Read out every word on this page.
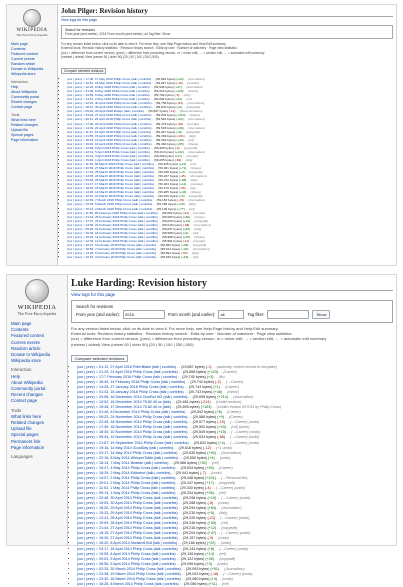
WIKIPEDIA
The Free Encyclopedia
Main page
Contents
Featured content
Current events
Random article
Donate to Wikipedia
Wikipedia store
Interaction
Help
About Wikipedia
Community portal
Recent changes
Contact page
Tools
What links here
Related changes
Upload file
Special pages
Page information
John Pilger: Revision history
View logs for this page
Search for revisions
From year (and earlier): 2018 From month (and earlier): all Tag filter: Show
For any version listed below, click on its date to view it. For more help, see Help:Page history and Help:Edit summary.
External tools: Revision history statistics · Revision history search · Edits by user · Number of watchers · Page view statistics
(cur) = difference from current version, (prev) = difference from preceding version, m = minor edit, → = section edit, ← = automatic edit summary
(newest | oldest) View (newer 50 | older 50) (20 | 50 | 100 | 250 | 500)
Compare selected revisions
• (cur | prev) ○ 17:38, 17 May 2018 Philip Cross (talk | contribs) . . (59,949 bytes) (+22) . . (Journalism)
• (cur | prev) ○ 16:51, 16 May 2018 Philip Cross (talk | contribs) . . (59,927 bytes) (-19) . . (reorder)
• (cur | prev) ○ 12:23, 8 May 2018 Philip Cross (talk | contribs) . . (59,946 bytes) (+27) . . (Journalism)
• (cur | prev) ○ 21:39, 6 May 2018 Philip Cross (talk | contribs) . . (59,919 bytes) (+120) . . (Views)
• (cur | prev) ○ 19:52, 6 May 2018 Philip Cross (talk | contribs) . . (59,799 bytes) (-3) . . (tidy)
• (cur | prev) ○ 13:41, 2 May 2018 Philip Cross (talk | contribs) . . (59,802 bytes) (+44) . . (ref)
• (cur | prev) ○ 22:16, 30 April 2018 Philip Cross (talk | contribs) . . (59,758 bytes) (-84) . . (Journalism)
• (cur | prev) ○ 18:07, 30 April 2018 Philip Cross (talk | contribs) . . (59,842 bytes) (+5) . . (copyedit)
• (cur | prev) ○ 09:46, 29 April 2018 Bodge (talk | contribs) . . (59,837 bytes) (-12) . . (Documentaries)
• (cur | prev) ○ 23:04, 27 April 2018 Philip Cross (talk | contribs) . . (59,849 bytes) (+310) . . (Views)
• (cur | prev) ○ 20:11, 25 April 2018 Philip Cross (talk | contribs) . . (59,539 bytes) (+64) . . (Journalism)
• (cur | prev) ○ 17:30, 22 April 2018 Philip Cross (talk | contribs) . . (59,475 bytes) (-28) . . (reorder)
• (cur | prev) ○ 14:02, 20 April 2018 Philip Cross (talk | contribs) . . (59,503 bytes) (+96) . . (Journalism)
• (cur | prev) ○ 11:27, 18 April 2018 Philip Cross (talk | contribs) . . (59,407 bytes) (+8) . . (copyedit)
• (cur | prev) ○ 21:55, 15 April 2018 Philip Cross (talk | contribs) . . (59,399 bytes) (-101) . . (tidy)
• (cur | prev) ○ 18:43, 13 April 2018 Philip Cross (talk | contribs) . . (59,500 bytes) (+40) . . (ref)
• (cur | prev) ○ 16:20, 10 April 2018 Philip Cross (talk | contribs) . . (59,460 bytes) (+55) . . (Views)
• (cur | prev) ○ 12:08, 8 April 2018 Philip Cross (talk | contribs) . . (59,405 bytes) (-9) . . (copyedit)
• (cur | prev) ○ 22:31, 5 April 2018 Philip Cross (talk | contribs) . . (59,414 bytes) (+132) . . (Journalism)
• (cur | prev) ○ 19:14, 3 April 2018 Philip Cross (talk | contribs) . . (59,282 bytes) (+17) . . (reorder)
• (cur | prev) ○ 15:46, 1 April 2018 Philip Cross (talk | contribs) . . (59,265 bytes) (-60) . . (tidy)
• (cur | prev) ○ 11:33, 30 March 2018 Philip Cross (talk | contribs) . . (59,325 bytes) (+24) . . (ref)
• (cur | prev) ○ 20:59, 27 March 2018 Philip Cross (talk | contribs) . . (59,301 bytes) (+71) . . (Views)
• (cur | prev) ○ 17:22, 25 March 2018 Philip Cross (talk | contribs) . . (59,230 bytes) (+3) . . (copyedit)
• (cur | prev) ○ 13:05, 22 March 2018 Philip Cross (talk | contribs) . . (59,227 bytes) (-45) . . (Journalism)
• (cur | prev) ○ 09:48, 20 March 2018 Philip Cross (talk | contribs) . . (59,272 bytes) (+88) . . (tidy)
• (cur | prev) ○ 21:17, 17 March 2018 Philip Cross (talk | contribs) . . (59,184 bytes) (+12) . . (reorder)
• (cur | prev) ○ 18:40, 15 March 2018 Philip Cross (talk | contribs) . . (59,172 bytes) (-33) . . (ref)
• (cur | prev) ○ 14:26, 12 March 2018 Philip Cross (talk | contribs) . . (59,205 bytes) (+46) . . (Views)
• (cur | prev) ○ 10:51, 10 March 2018 Philip Cross (talk | contribs) . . (59,159 bytes) (+6) . . (copyedit)
• (cur | prev) ○ 22:09, 7 March 2018 Philip Cross (talk | contribs) . . (59,153 bytes) (-15) . . (Journalism)
• (cur | prev) ○ 19:33, 5 March 2018 Philip Cross (talk | contribs) . . (59,168 bytes) (+29) . . (tidy)
• (cur | prev) ○ 15:12, 2 March 2018 Philip Cross (talk | contribs) . . (59,139 bytes) (+77) . . (ref)
• (cur | prev) ○ 11:58, 28 February 2018 Philip Cross (talk | contribs) . . (59,062 bytes) (-21) . . (reorder)
• (cur | prev) ○ 21:44, 25 February 2018 Philip Cross (talk | contribs) . . (59,083 bytes) (+50) . . (Views)
• (cur | prev) ○ 17:07, 23 February 2018 Philip Cross (talk | contribs) . . (59,033 bytes) (+14) . . (copyedit)
• (cur | prev) ○ 13:36, 21 February 2018 Philip Cross (talk | contribs) . . (59,019 bytes) (-38) . . (Journalism)
• (cur | prev) ○ 09:20, 19 February 2018 Philip Cross (talk | contribs) . . (59,057 bytes) (+62) . . (tidy)
• (cur | prev) ○ 20:48, 16 February 2018 Philip Cross (talk | contribs) . . (58,995 bytes) (+9) . . (ref)
• (cur | prev) ○ 16:15, 14 February 2018 Philip Cross (talk | contribs) . . (58,986 bytes) (+35) . . (Views)
• (cur | prev) ○ 12:03, 12 February 2018 Philip Cross (talk | contribs) . . (58,951 bytes) (-11) . . (reorder)
• (cur | prev) ○ 22:37, 9 February 2018 Philip Cross (talk | contribs) . . (58,962 bytes) (+48) . . (copyedit)
• (cur | prev) ○ 18:59, 7 February 2018 Philip Cross (talk | contribs) . . (58,914 bytes) (+20) . . (Journalism)
• (cur | prev) ○ 14:28, 5 February 2018 Philip Cross (talk | contribs) . . (58,894 bytes) (-52) . . (tidy)
• (cur | prev) ○ 10:16, 3 February 2018 Philip Cross (talk | contribs) . . (58,946 bytes) (+18) . . (ref)
WIKIPEDIA
The Free Encyclopedia
Main page
Contents
Featured content
Current events
Random article
Donate to Wikipedia
Wikipedia store
Interaction
Help
About Wikipedia
Community portal
Recent changes
Contact page
Tools
What links here
Related changes
Upload file
Special pages
Permanent link
Page information
Languages
Luke Harding: Revision history
View logs for this page
Search for revisions
From year (and earlier):	2018	From month (and earlier):	all	Tag filter:	Show
For any version listed below, click on its date to view it. For more help, see Help:Page history and Help:Edit summary.
External tools: Revision history statistics · Revision history search · Edits by user · Number of watchers · Page view statistics
(cur) = difference from current version, (prev) = difference from preceding version, m = minor edit, → = section edit, ← = automatic edit summary
(newest | oldest) View (newer 50 | older 50) (20 | 50 | 100 | 250 | 500)
Compare selected revisions
• (cur | prev) ○ 01:12, 27 April 2018 PeterBlake (talk | contribs) . . (29,867 bytes) (-1) . . (authority control moved to template)
• (cur | prev) ○ 21:29, 21 April 2018 Philip Cross (talk | contribs) . . (29,868 bytes) (+123) . . (Career)
• (cur | prev) ○ 17:7 February 2018 Philip Cross (talk | contribs) . . (29,745 bytes) (+3) . . (fix)
• (cur | prev) ○ 16:49, 14 February 2018 Philip Cross (talk | contribs) . . (29,742 bytes) (-2) . . (→Career)
• (cur | prev) ○ 14:26, 27 January 2018 Philip Cross (talk | contribs) . . (29,744 bytes) (+1) . . (Career)
• (cur | prev) ○ 01:43, 18 January 2018 Philip Cross (talk | contribs) . . (29,743 bytes) (+48) . . (minor)
• (cur | prev) ○ 20:08, 16 December 2014 ClueBot NG (talk | contribs) . . (29,695 bytes) (+214) . . (Journalism)
• (cur | prev) ○ 13:02, 16 December 2014 75.82.40.xx (talk) . . (29,481 bytes) (-214) . . (Undid revision)
• (cur | prev) ○ 19:48, 17 December 2014 75.82.40.xx (talk) . . (29,695 bytes) (+103) . . (Undid revision 637011 by Philip Cross)
• (cur | prev) ○ 01:46, 6 December 2014 Philip Cross (talk | contribs) . . (29,592 bytes) (+6) . . (Career)
• (cur | prev) ○ 06:22, 24 November 2014 Philip Cross (talk | contribs) . . (29,586 bytes) (+9) . . (Career)
• (cur | prev) ○ 22:45, 18 November 2014 Philip Cross (talk | contribs) . . (29,577 bytes) (-15) . . (→Career) (undo)
• (cur | prev) ○ 17:49, 18 November 2014 Philip Cross (talk | contribs) . . (29,592 bytes) (+43) . . (ref) (undo)
• (cur | prev) ○ 16:40, 10 November 2014 Philip Cross (talk | contribs) . . (29,549 bytes) (+15) . . (→Career) (undo)
• (cur | prev) ○ 05:44, 10 November 2014 Philip Cross (talk | contribs) . . (29,534 bytes) (-88) . . (→Career) (undo)
• (cur | prev) ○ 21:57, 19 September 2014 Philip Cross (talk | contribs) . . (29,622 bytes) (+4) . . (→Career) (undo)
• (cur | prev) ○ 19:16, 14 May 2014 GoodDay (talk | contribs) . . (29,618 bytes) (-12) . . (+1 undo)
• (cur | prev) ○ 03:17, 14 May 2014 Philip Cross (talk | contribs) . . (29,630 bytes) (+40) . . (Journalism)
• (cur | prev) ○ 22:16, 8 May 2014 WhisperToMe (talk | contribs) . . (29,590 bytes) (+4) . . (undo)
• (cur | prev) ○ 18:14, 7 May 2014 Bearian (talk | contribs) . . (29,586 bytes) (+52) . . (ref)
• (cur | prev) ○ 16:47, 4 May 2014 Philip Cross (talk | contribs) . . (29,534 bytes) (+93) . . (Career)
• (cur | prev) ○ 18:29, 2 May 2014 Editorbot (talk | contribs) . . (29,441 bytes) (-7) . . (undo)
• (cur | prev) ○ 14:07, 2 May 2014 Philip Cross (talk | contribs) . . (29,448 bytes) (+101) . . (→Personal life)
• (cur | prev) ○ 20:01, 2 May 2014 Philip Cross (talk | contribs) . . (29,347 bytes) (+17) . . (copyedit)
• (cur | prev) ○ 11:53, 1 May 2014 Philip Cross (talk | contribs) . . (29,330 bytes) (-4) . . (→Career) (undo)
• (cur | prev) ○ 09:14, 1 May 2014 Philip Cross (talk | contribs) . . (29,334 bytes) (+36) . . (ref)
• (cur | prev) ○ 22:48, 30 April 2014 Philip Cross (talk | contribs) . . (29,298 bytes) (+10) . . (→Career) (undo)
• (cur | prev) ○ 19:05, 30 April 2014 Philip Cross (talk | contribs) . . (29,288 bytes) (-6) . . (undo)
• (cur | prev) ○ 18:20, 29 April 2014 Philip Cross (talk | contribs) . . (29,294 bytes) (+64) . . (Journalism)
• (cur | prev) ○ 15:33, 29 April 2014 Philip Cross (talk | contribs) . . (29,230 bytes) (+5) . . (tidy)
• (cur | prev) ○ 12:41, 28 April 2014 Philip Cross (talk | contribs) . . (29,225 bytes) (-21) . . (→Career) (undo)
• (cur | prev) ○ 10:09, 28 April 2014 Philip Cross (talk | contribs) . . (29,246 bytes) (+30) . . (ref)
• (cur | prev) ○ 21:44, 27 April 2014 Philip Cross (talk | contribs) . . (29,216 bytes) (+12) . . (copyedit)
• (cur | prev) ○ 18:16, 27 April 2014 Philip Cross (talk | contribs) . . (29,204 bytes) (+47) . . (→Career) (undo)
• (cur | prev) ○ 16:30, 27 April 2014 Philip Cross (talk | contribs) . . (29,157 bytes) (-9) . . (undo)
• (cur | prev) ○ 15:20, 8 April 2014 Nodlard1918 (talk | contribs) . . (29,166 bytes) (+22) . . (undo)
• (cur | prev) ○ 03:17, 16 April 2014 Philip Cross (talk | contribs) . . (29,144 bytes) (+8) . . (→Career) (undo)
• (cur | prev) ○ 19:05, 8 April 2014 Philip Cross (talk | contribs) . . (29,136 bytes) (+14) . . (ref)
• (cur | prev) ○ 09:03, 5 April 2014 Philip Cross (talk | contribs) . . (29,122 bytes) (+26) . . (copyedit)
• (cur | prev) ○ 06:56, 5 April 2014 Philip Cross (talk | contribs) . . (29,096 bytes) (+3) . . (undo)
• (cur | prev) ○ 02:25, 30 March 2014 Philip Cross (talk | contribs) . . (29,093 bytes) (+51) . . (Journalism)
• (cur | prev) ○ 23:38, 19 March 2014 Philip Cross (talk | contribs) . . (29,042 bytes) (-18) . . (→Career) (undo)
• (cur | prev) ○ 23:30, 18 March 2014 Philip Cross (talk | contribs) . . (29,060 bytes) (+4) . . (undo)
• (cur | prev) ○ 16:28, 8 March 2014 Philip Cross (talk | contribs) . . (29,056 bytes) (+11) . . (ref)
